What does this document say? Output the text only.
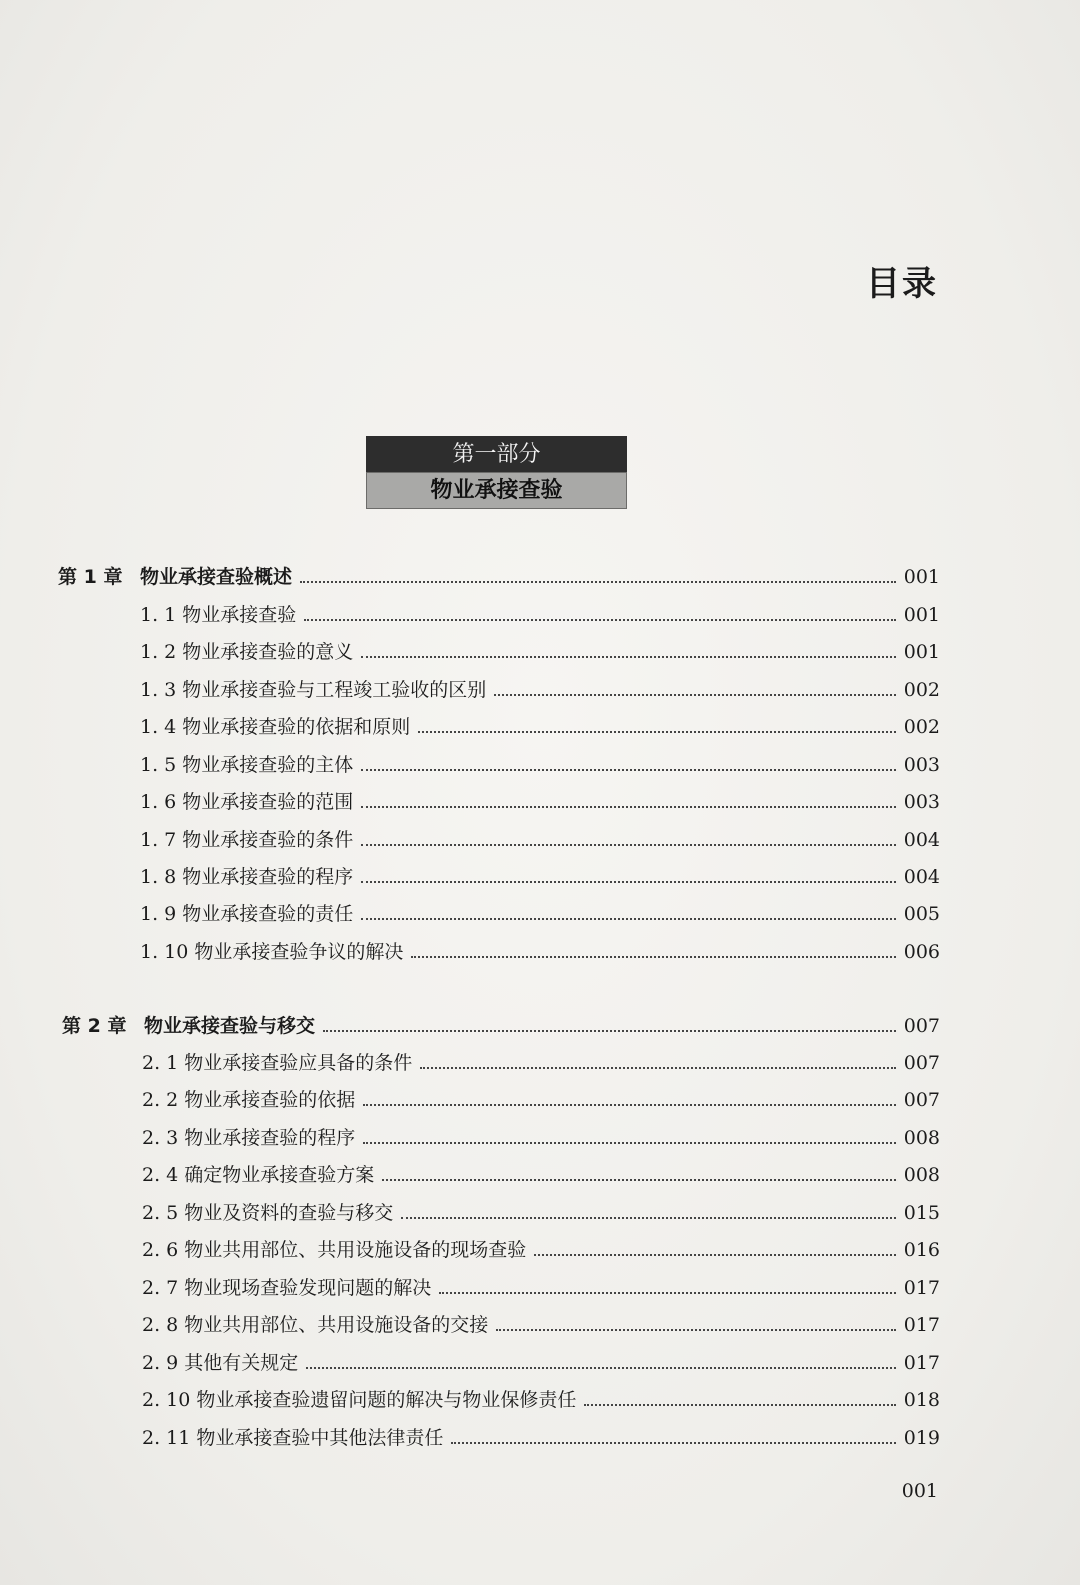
目录
第一部分
物业承接查验
第 1 章 物业承接查验概述	001
1. 1 物业承接查验	001
1. 2 物业承接查验的意义	001
1. 3 物业承接查验与工程竣工验收的区别	002
1. 4 物业承接查验的依据和原则	002
1. 5 物业承接查验的主体	003
1. 6 物业承接查验的范围	003
1. 7 物业承接查验的条件	004
1. 8 物业承接查验的程序	004
1. 9 物业承接查验的责任	005
1. 10 物业承接查验争议的解决	006
第 2 章 物业承接查验与移交	007
2. 1 物业承接查验应具备的条件	007
2. 2 物业承接查验的依据	007
2. 3 物业承接查验的程序	008
2. 4 确定物业承接查验方案	008
2. 5 物业及资料的查验与移交	015
2. 6 物业共用部位、共用设施设备的现场查验	016
2. 7 物业现场查验发现问题的解决	017
2. 8 物业共用部位、共用设施设备的交接	017
2. 9 其他有关规定	017
2. 10 物业承接查验遗留问题的解决与物业保修责任	018
2. 11 物业承接查验中其他法律责任	019
001
